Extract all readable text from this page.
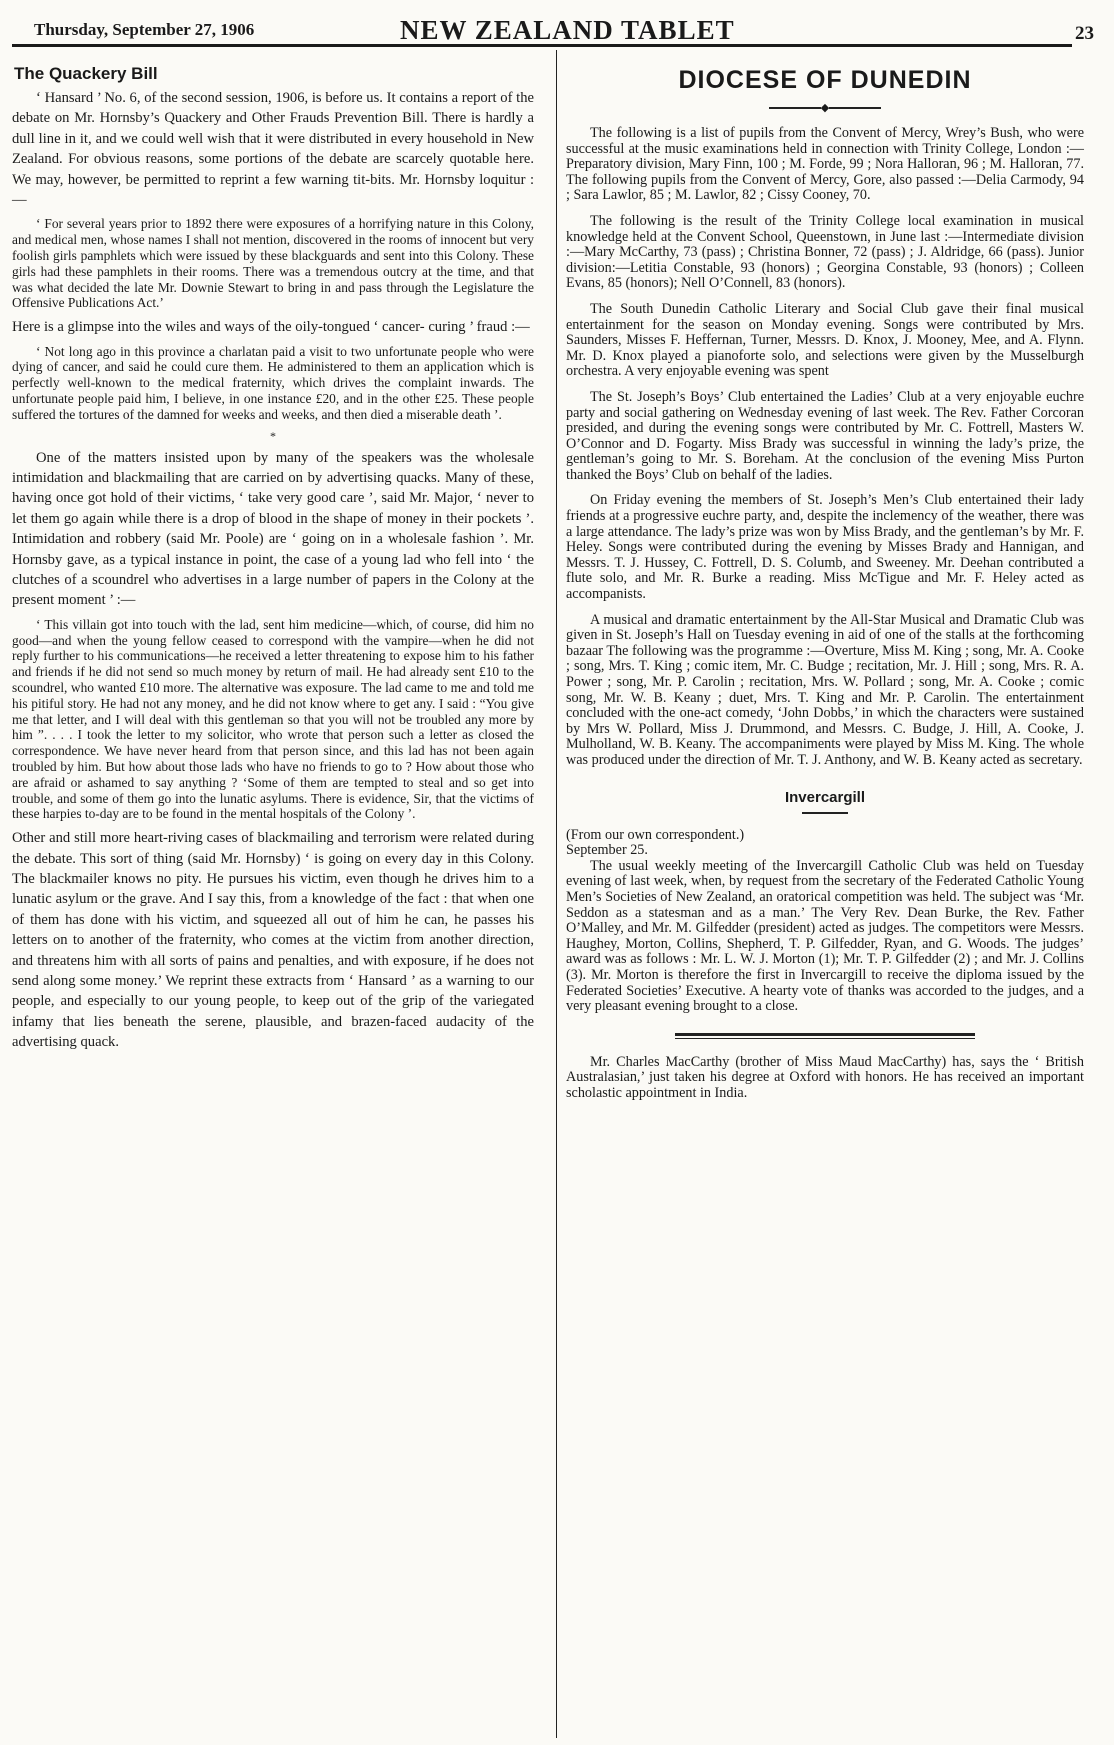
Thursday, September 27, 1906	NEW ZEALAND TABLET	23
The Quackery Bill

‘ Hansard ’ No. 6, of the second session, 1906, is before us. It contains a report of the debate on Mr. Hornsby’s Quackery and Other Frauds Prevention Bill. There is hardly a dull line in it, and we could well wish that it were distributed in every household in New Zealand. For obvious reasons, some portions of the debate are scarcely quotable here. We may, however, be permitted to reprint a few warning tit-bits. Mr. Hornsby loquitur :—

‘ For several years prior to 1892 there were exposures of a horrifying nature in this Colony, and medical men, whose names I shall not mention, discovered in the rooms of innocent but very foolish girls pamphlets which were issued by these blackguards and sent into this Colony. These girls had these pamphlets in their rooms. There was a tremendous outcry at the time, and that was what decided the late Mr. Downie Stewart to bring in and pass through the Legislature the Offensive Publications Act.’

Here is a glimpse into the wiles and ways of the oily-tongued ‘ cancer- curing ’ fraud :—

‘ Not long ago in this province a charlatan paid a visit to two unfortunate people who were dying of cancer, and said he could cure them. He administered to them an application which is perfectly well-known to the medical fraternity, which drives the complaint inwards. The unfortunate people paid him, I believe, in one instance £20, and in the other £25. These people suffered the tortures of the damned for weeks and weeks, and then died a miserable death ’.

*

One of the matters insisted upon by many of the speakers was the wholesale intimidation and blackmailing that are carried on by advertising quacks. Many of these, having once got hold of their victims, ‘ take very good care ’, said Mr. Major, ‘ never to let them go again while there is a drop of blood in the shape of money in their pockets ’. Intimidation and robbery (said Mr. Poole) are ‘ going on in a wholesale fashion ’. Mr. Hornsby gave, as a typical instance in point, the case of a young lad who fell into ‘ the clutches of a scoundrel who advertises in a large number of papers in the Colony at the present moment ’ :—

‘ This villain got into touch with the lad, sent him medicine—which, of course, did him no good—and when the young fellow ceased to correspond with the vampire—when he did not reply further to his communications—he received a letter threatening to expose him to his father and friends if he did not send so much money by return of mail. He had already sent £10 to the scoundrel, who wanted £10 more. The alternative was exposure. The lad came to me and told me his pitiful story. He had not any money, and he did not know where to get any. I said : “You give me that letter, and I will deal with this gentleman so that you will not be troubled any more by him ”. . . . I took the letter to my solicitor, who wrote that person such a letter as closed the correspondence. We have never heard from that person since, and this lad has not been again troubled by him. But how about those lads who have no friends to go to ? How about those who are afraid or ashamed to say anything ? ‘Some of them are tempted to steal and so get into trouble, and some of them go into the lunatic asylums. There is evidence, Sir, that the victims of these harpies to-day are to be found in the mental hospitals of the Colony ’.

Other and still more heart-riving cases of blackmailing and terrorism were related during the debate. This sort of thing (said Mr. Hornsby) ‘ is going on every day in this Colony. The blackmailer knows no pity. He pursues his victim, even though he drives him to a lunatic asylum or the grave. And I say this, from a knowledge of the fact : that when one of them has done with his victim, and squeezed all out of him he can, he passes his letters on to another of the fraternity, who comes at the victim from another direction, and threatens him with all sorts of pains and penalties, and with exposure, if he does not send along some money.’ We reprint these extracts from ‘ Hansard ’ as a warning to our people, and especially to our young people, to keep out of the grip of the variegated infamy that lies beneath the serene, plausible, and brazen-faced audacity of the advertising quack.

DIOCESE OF DUNEDIN
◆

The following is a list of pupils from the Convent of Mercy, Wrey’s Bush, who were successful at the music examinations held in connection with Trinity College, London :—Preparatory division, Mary Finn, 100 ; M. Forde, 99 ; Nora Halloran, 96 ; M. Halloran, 77. The following pupils from the Convent of Mercy, Gore, also passed :—Delia Carmody, 94 ; Sara Lawlor, 85 ; M. Lawlor, 82 ; Cissy Cooney, 70.

The following is the result of the Trinity College local examination in musical knowledge held at the Convent School, Queenstown, in June last :—Intermediate division :—Mary McCarthy, 73 (pass) ; Christina Bonner, 72 (pass) ; J. Aldridge, 66 (pass). Junior division:—Letitia Constable, 93 (honors) ; Georgina Constable, 93 (honors) ; Colleen Evans, 85 (honors); Nell O’Connell, 83 (honors).

The South Dunedin Catholic Literary and Social Club gave their final musical entertainment for the season on Monday evening. Songs were contributed by Mrs. Saunders, Misses F. Heffernan, Turner, Messrs. D. Knox, J. Mooney, Mee, and A. Flynn. Mr. D. Knox played a pianoforte solo, and selections were given by the Musselburgh orchestra. A very enjoyable evening was spent

The St. Joseph’s Boys’ Club entertained the Ladies’ Club at a very enjoyable euchre party and social gathering on Wednesday evening of last week. The Rev. Father Corcoran presided, and during the evening songs were contributed by Mr. C. Fottrell, Masters W. O’Connor and D. Fogarty. Miss Brady was successful in winning the lady’s prize, the gentleman’s going to Mr. S. Boreham. At the conclusion of the evening Miss Purton thanked the Boys’ Club on behalf of the ladies.

On Friday evening the members of St. Joseph’s Men’s Club entertained their lady friends at a progressive euchre party, and, despite the inclemency of the weather, there was a large attendance. The lady’s prize was won by Miss Brady, and the gentleman’s by Mr. F. Heley. Songs were contributed during the evening by Misses Brady and Hannigan, and Messrs. T. J. Hussey, C. Fottrell, D. S. Columb, and Sweeney. Mr. Deehan contributed a flute solo, and Mr. R. Burke a reading. Miss McTigue and Mr. F. Heley acted as accompanists.

A musical and dramatic entertainment by the All-Star Musical and Dramatic Club was given in St. Joseph’s Hall on Tuesday evening in aid of one of the stalls at the forthcoming bazaar The following was the programme :—Overture, Miss M. King ; song, Mr. A. Cooke ; song, Mrs. T. King ; comic item, Mr. C. Budge ; recitation, Mr. J. Hill ; song, Mrs. R. A. Power ; song, Mr. P. Carolin ; recitation, Mrs. W. Pollard ; song, Mr. A. Cooke ; comic song, Mr. W. B. Keany ; duet, Mrs. T. King and Mr. P. Carolin. The entertainment concluded with the one-act comedy, ‘John Dobbs,’ in which the characters were sustained by Mrs W. Pollard, Miss J. Drummond, and Messrs. C. Budge, J. Hill, A. Cooke, J. Mulholland, W. B. Keany. The accompaniments were played by Miss M. King. The whole was produced under the direction of Mr. T. J. Anthony, and W. B. Keany acted as secretary.

Invercargill

(From our own correspondent.)

September 25.

The usual weekly meeting of the Invercargill Catholic Club was held on Tuesday evening of last week, when, by request from the secretary of the Federated Catholic Young Men’s Societies of New Zealand, an oratorical competition was held. The subject was ‘Mr. Seddon as a statesman and as a man.’ The Very Rev. Dean Burke, the Rev. Father O’Malley, and Mr. M. Gilfedder (president) acted as judges. The competitors were Messrs. Haughey, Morton, Collins, Shepherd, T. P. Gilfedder, Ryan, and G. Woods. The judges’ award was as follows : Mr. L. W. J. Morton (1); Mr. T. P. Gilfedder (2) ; and Mr. J. Collins (3). Mr. Morton is therefore the first in Invercargill to receive the diploma issued by the Federated Societies’ Executive. A hearty vote of thanks was accorded to the judges, and a very pleasant evening brought to a close.

Mr. Charles MacCarthy (brother of Miss Maud MacCarthy) has, says the ‘ British Australasian,’ just taken his degree at Oxford with honors. He has received an important scholastic appointment in India.
